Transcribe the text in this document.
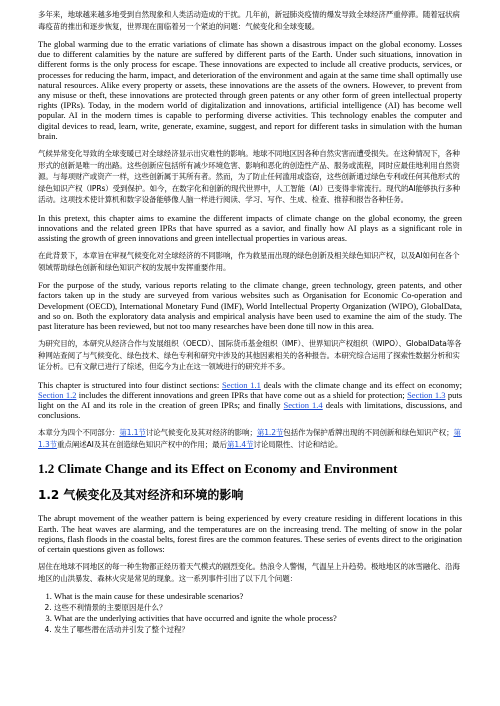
多年来，地球越来越多地受到自然现象和人类活动造成的干扰。几年前，新冠肺炎疫情的爆发导致全球经济严重停滞。随着冠状病毒疫苗的推出和逐步恢复，世界现在面临着另一个紧迫的问题：气候变化和全球变暖。

The global warming due to the erratic variations of climate has shown a disastrous impact on the global economy. Losses due to different calamities by the nature are suffered by different parts of the Earth. Under such situations, innovation in different forms is the only process for escape. These innovations are expected to include all creative products, services, or processes for reducing the harm, impact, and deterioration of the environment and again at the same time shall optimally use natural resources. Alike every property or assets, these innovations are the assets of the owners. However, to prevent from any misuse or theft, these innovations are protected through green patents or any other form of green intellectual property rights (IPRs). Today, in the modern world of digitalization and innovations, artificial intelligence (AI) has become well popular. AI in the modern times is capable to performing diverse activities. This technology enables the computer and digital devices to read, learn, write, generate, examine, suggest, and report for different tasks in simulation with the human brain.

气候异常变化导致的全球变暖已对全球经济显示出灾难性的影响。地球不同地区因各种自然灾害而遭受损失。在这种情况下，各种形式的创新是唯一的出路。这些创新应包括所有减少环境危害、影响和恶化的创造性产品、服务或流程，同时应最佳地利用自然资源。与每项财产或资产一样，这些创新属于其所有者。然而，为了防止任何滥用或盗窃，这些创新通过绿色专利或任何其他形式的绿色知识产权（IPRs）受到保护。如今，在数字化和创新的现代世界中，人工智能（AI）已变得非常流行。现代的AI能够执行多种活动。这项技术使计算机和数字设备能够像人脑一样进行阅读、学习、写作、生成、检查、推荐和报告各种任务。

In this pretext, this chapter aims to examine the different impacts of climate change on the global economy, the green innovations and the related green IPRs that have spurred as a savior, and finally how AI plays as a significant role in assisting the growth of green innovations and green intellectual properties in various areas.

在此背景下，本章旨在审视气候变化对全球经济的不同影响，作为救星而出现的绿色创新及相关绿色知识产权，以及AI如何在各个领域帮助绿色创新和绿色知识产权的发展中发挥重要作用。

For the purpose of the study, various reports relating to the climate change, green technology, green patents, and other factors taken up in the study are surveyed from various websites such as Organisation for Economic Co-operation and Development (OECD), International Monetary Fund (IMF), World Intellectual Property Organization (WIPO), GlobalData, and so on. Both the exploratory data analysis and empirical analysis have been used to examine the aim of the study. The past literature has been reviewed, but not too many researches have been done till now in this area.

为研究目的，本研究从经济合作与发展组织（OECD）、国际货币基金组织（IMF）、世界知识产权组织（WIPO）、GlobalData等各种网站查阅了与气候变化、绿色技术、绿色专利和研究中涉及的其他因素相关的各种报告。本研究综合运用了探索性数据分析和实证分析。已有文献已进行了综述，但迄今为止在这一领域进行的研究并不多。

This chapter is structured into four distinct sections: Section 1.1 deals with the climate change and its effect on economy; Section 1.2 includes the different innovations and green IPRs that have come out as a shield for protection; Section 1.3 puts light on the AI and its role in the creation of green IPRs; and finally Section 1.4 deals with limitations, discussions, and conclusions.

本章分为四个不同部分：第1.1节讨论气候变化及其对经济的影响；第1.2节包括作为保护盾牌出现的不同创新和绿色知识产权；第1.3节重点阐述AI及其在创造绿色知识产权中的作用；最后第1.4节讨论局限性、讨论和结论。

1.2 Climate Change and its Effect on Economy and Environment
1.2 气候变化及其对经济和环境的影响

The abrupt movement of the weather pattern is being experienced by every creature residing in different locations in this Earth. The heat waves are alarming, and the temperatures are on the increasing trend. The melting of snow in the polar regions, flash floods in the coastal belts, forest fires are the common features. These series of events direct to the origination of certain questions given as follows:

居住在地球不同地区的每一种生物都正经历着天气模式的剧烈变化。热浪令人警惕，气温呈上升趋势。极地地区的冰雪融化、沿海地区的山洪暴发、森林火灾是常见的现象。这一系列事件引出了以下几个问题：

1. What is the main cause for these undesirable scenarios?
2. 这些不利情景的主要原因是什么？
3. What are the underlying activities that have occurred and ignite the whole process?
4. 发生了哪些潜在活动并引发了整个过程？
